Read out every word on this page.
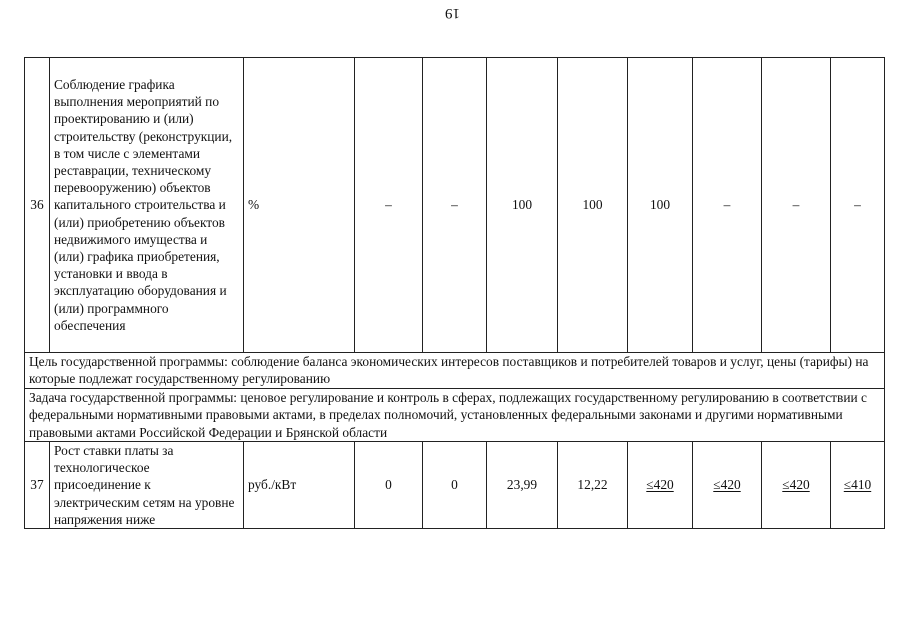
19
36	Соблюдение графика выполнения мероприятий по проектированию и (или) строительству (реконструкции, в том числе с элементами реставрации, техническому перевооружению) объектов капитального строительства и (или) приобретению объектов недвижимого имущества и (или) графика приобретения, установки и ввода в эксплуатацию оборудования и (или) программного обеспечения	%	–	–	100	100	100	–	–	–
Цель государственной программы: соблюдение баланса экономических интересов поставщиков и потребителей товаров и услуг, цены (тарифы) на которые подлежат государственному регулированию										
Задача государственной программы: ценовое регулирование и контроль в сферах, подлежащих государственному регулированию в соответствии с федеральными нормативными правовыми актами, в пределах полномочий, установленных федеральными законами и другими нормативными правовыми актами Российской Федерации и Брянской области										
37	Рост ставки платы за технологическое присоединение к электрическим сетям на уровне напряжения ниже	руб./кВт	0	0	23,99	12,22	≤420	≤420	≤420	≤410
